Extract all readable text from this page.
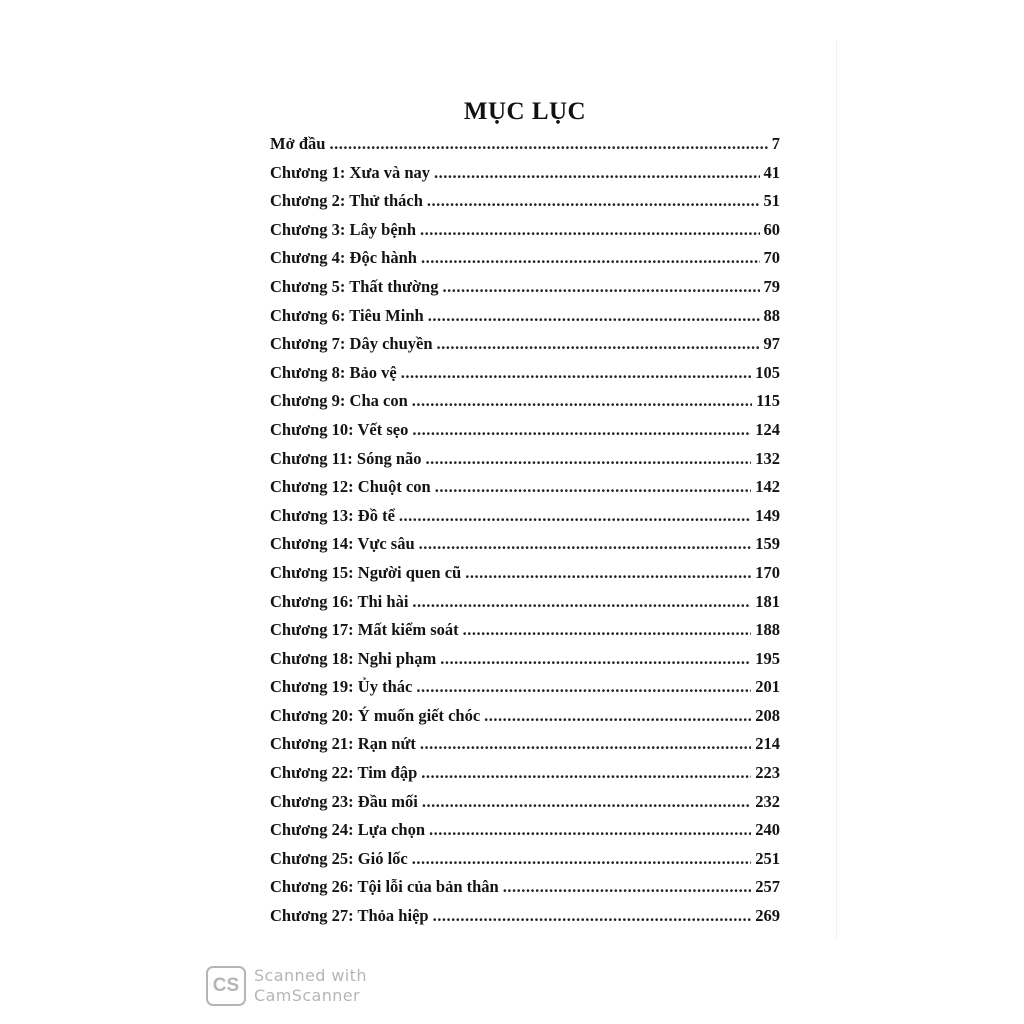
MỤC LỤC
Mở đầu .....	7
Chương 1: Xưa và nay .....	41
Chương 2: Thử thách .....	51
Chương 3: Lây bệnh .....	60
Chương 4: Độc hành .....	70
Chương 5: Thất thường .....	79
Chương 6: Tiêu Minh .....	88
Chương 7: Dây chuyền .....	97
Chương 8: Bảo vệ .....	105
Chương 9: Cha con .....	115
Chương 10: Vết sẹo .....	124
Chương 11: Sóng não .....	132
Chương 12: Chuột con .....	142
Chương 13: Đồ tể .....	149
Chương 14: Vực sâu .....	159
Chương 15: Người quen cũ .....	170
Chương 16: Thi hài .....	181
Chương 17: Mất kiểm soát .....	188
Chương 18: Nghi phạm .....	195
Chương 19: Ủy thác .....	201
Chương 20: Ý muốn giết chóc .....	208
Chương 21: Rạn nứt .....	214
Chương 22: Tim đập .....	223
Chương 23: Đầu mối .....	232
Chương 24: Lựa chọn .....	240
Chương 25: Gió lốc .....	251
Chương 26: Tội lỗi của bản thân .....	257
Chương 27: Thỏa hiệp .....	269
CS Scanned with
CamScanner
